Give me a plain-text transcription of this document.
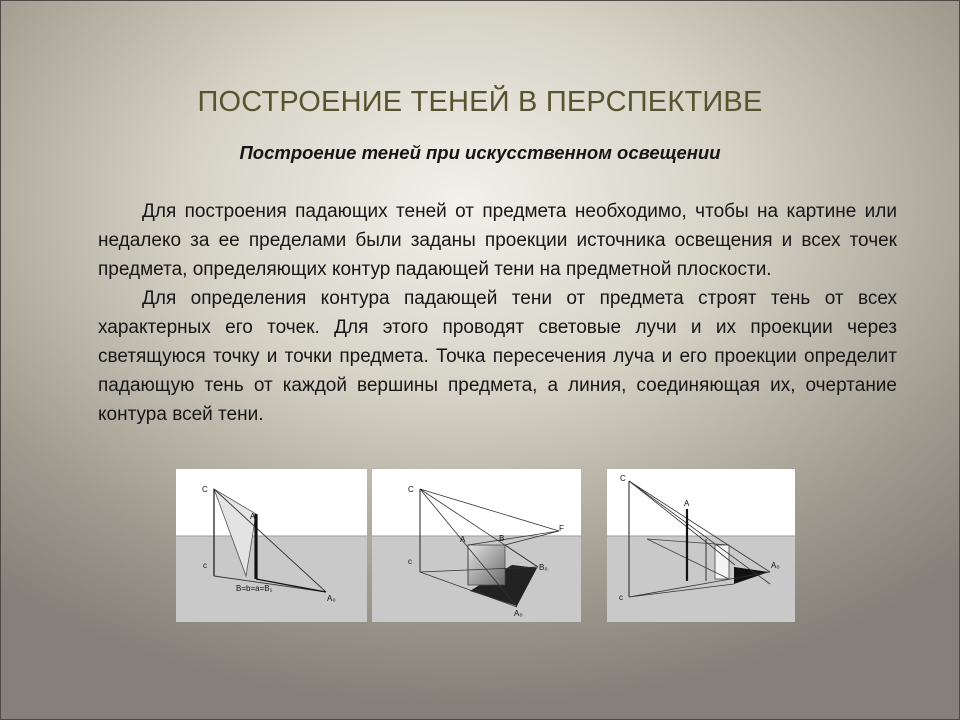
ПОСТРОЕНИЕ ТЕНЕЙ В ПЕРСПЕКТИВЕ
Построение теней при искусственном освещении

Для построения падающих теней от предмета необходимо, чтобы на картине или недалеко за ее пределами были заданы проекции источника освещения и всех точек предмета, определяющих контур падающей тени на предметной плоскости.

Для определения контура падающей тени от предмета строят тень от всех характерных его точек. Для этого проводят световые лучи и их проекции через светящуюся точку и точки предмета. Точка пересечения луча и его проекции определит падающую тень от каждой вершины предмета, а линия, соединяющая их, очертание контура всей тени.

C
A
c
B=b=a=B₁
A₀
C
A	B
F
c
B₀
A₀
C
A
A₀
c
